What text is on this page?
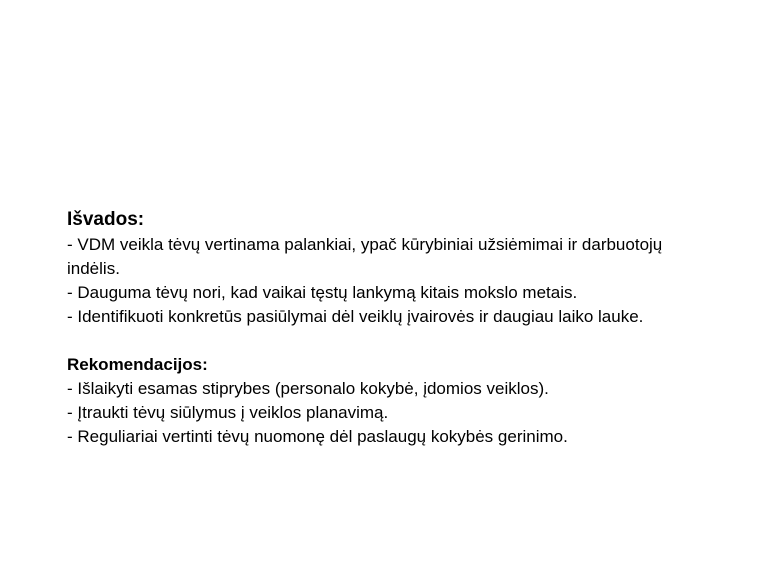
Išvados:

- VDM veikla tėvų vertinama palankiai, ypač kūrybiniai užsiėmimai ir darbuotojų

indėlis.

- Dauguma tėvų nori, kad vaikai tęstų lankymą kitais mokslo metais.

- Identifikuoti konkretūs pasiūlymai dėl veiklų įvairovės ir daugiau laiko lauke.

Rekomendacijos:

- Išlaikyti esamas stiprybes (personalo kokybė, įdomios veiklos).

- Įtraukti tėvų siūlymus į veiklos planavimą.

- Reguliariai vertinti tėvų nuomonę dėl paslaugų kokybės gerinimo.
